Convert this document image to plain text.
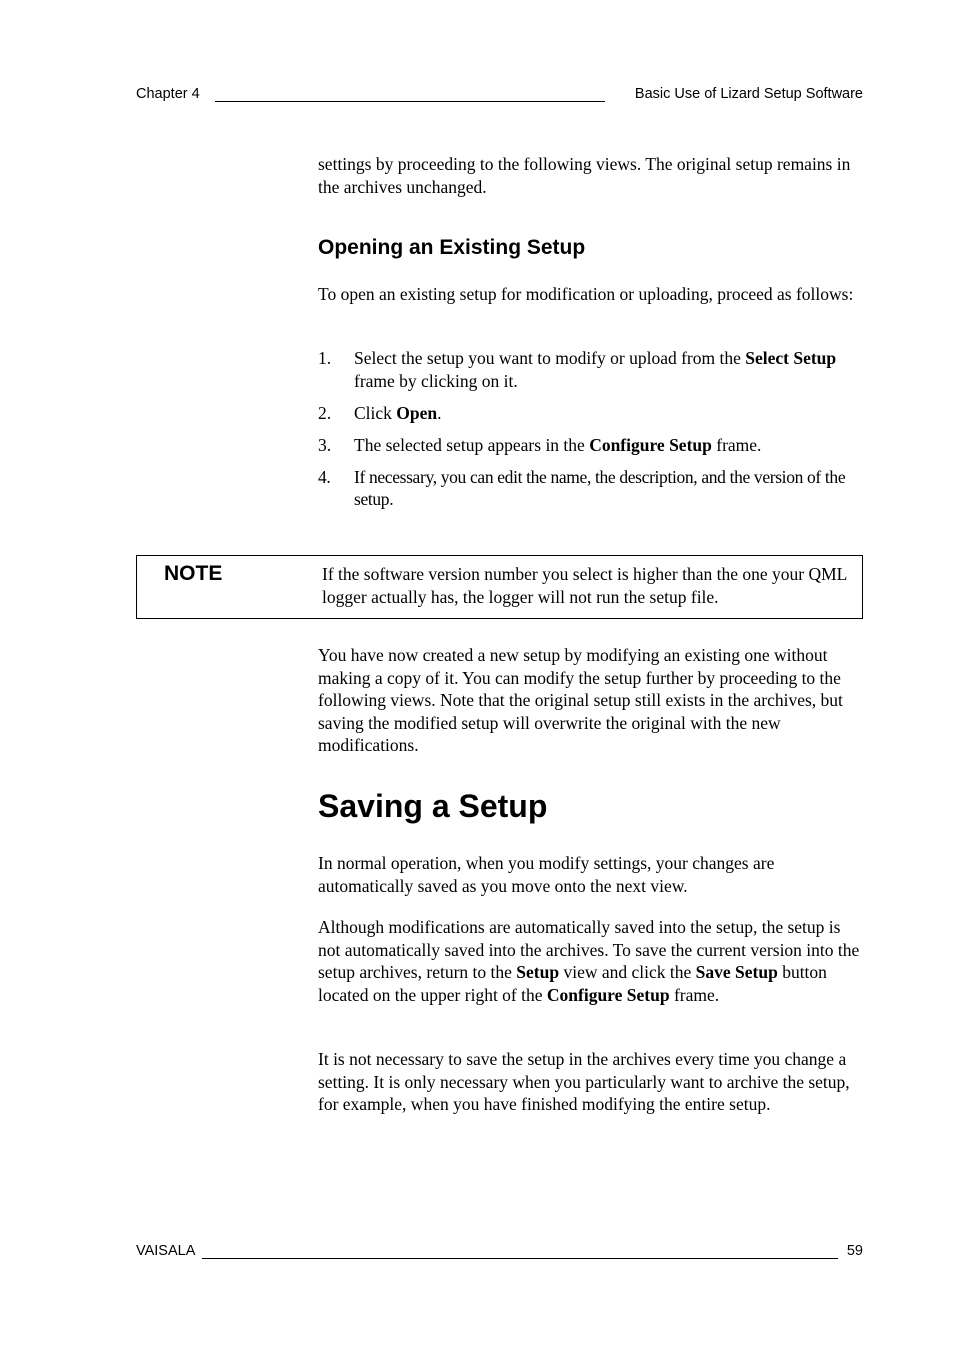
Chapter 4	Basic Use of Lizard Setup Software

settings by proceeding to the following views. The original setup remains in the archives unchanged.

Opening an Existing Setup

To open an existing setup for modification or uploading, proceed as follows:

1. Select the setup you want to modify or upload from the Select Setup frame by clicking on it.
2. Click Open.
3. The selected setup appears in the Configure Setup frame.
4. If necessary, you can edit the name, the description, and the version of the setup.
NOTE	If the software version number you select is higher than the one your QML logger actually has, the logger will not run the setup file.

You have now created a new setup by modifying an existing one without making a copy of it. You can modify the setup further by proceeding to the following views. Note that the original setup still exists in the archives, but saving the modified setup will overwrite the original with the new modifications.

Saving a Setup

In normal operation, when you modify settings, your changes are automatically saved as you move onto the next view.

Although modifications are automatically saved into the setup, the setup is not automatically saved into the archives. To save the current version into the setup archives, return to the Setup view and click the Save Setup button located on the upper right of the Configure Setup frame.

It is not necessary to save the setup in the archives every time you change a setting. It is only necessary when you particularly want to archive the setup, for example, when you have finished modifying the entire setup.

VAISALA	59
